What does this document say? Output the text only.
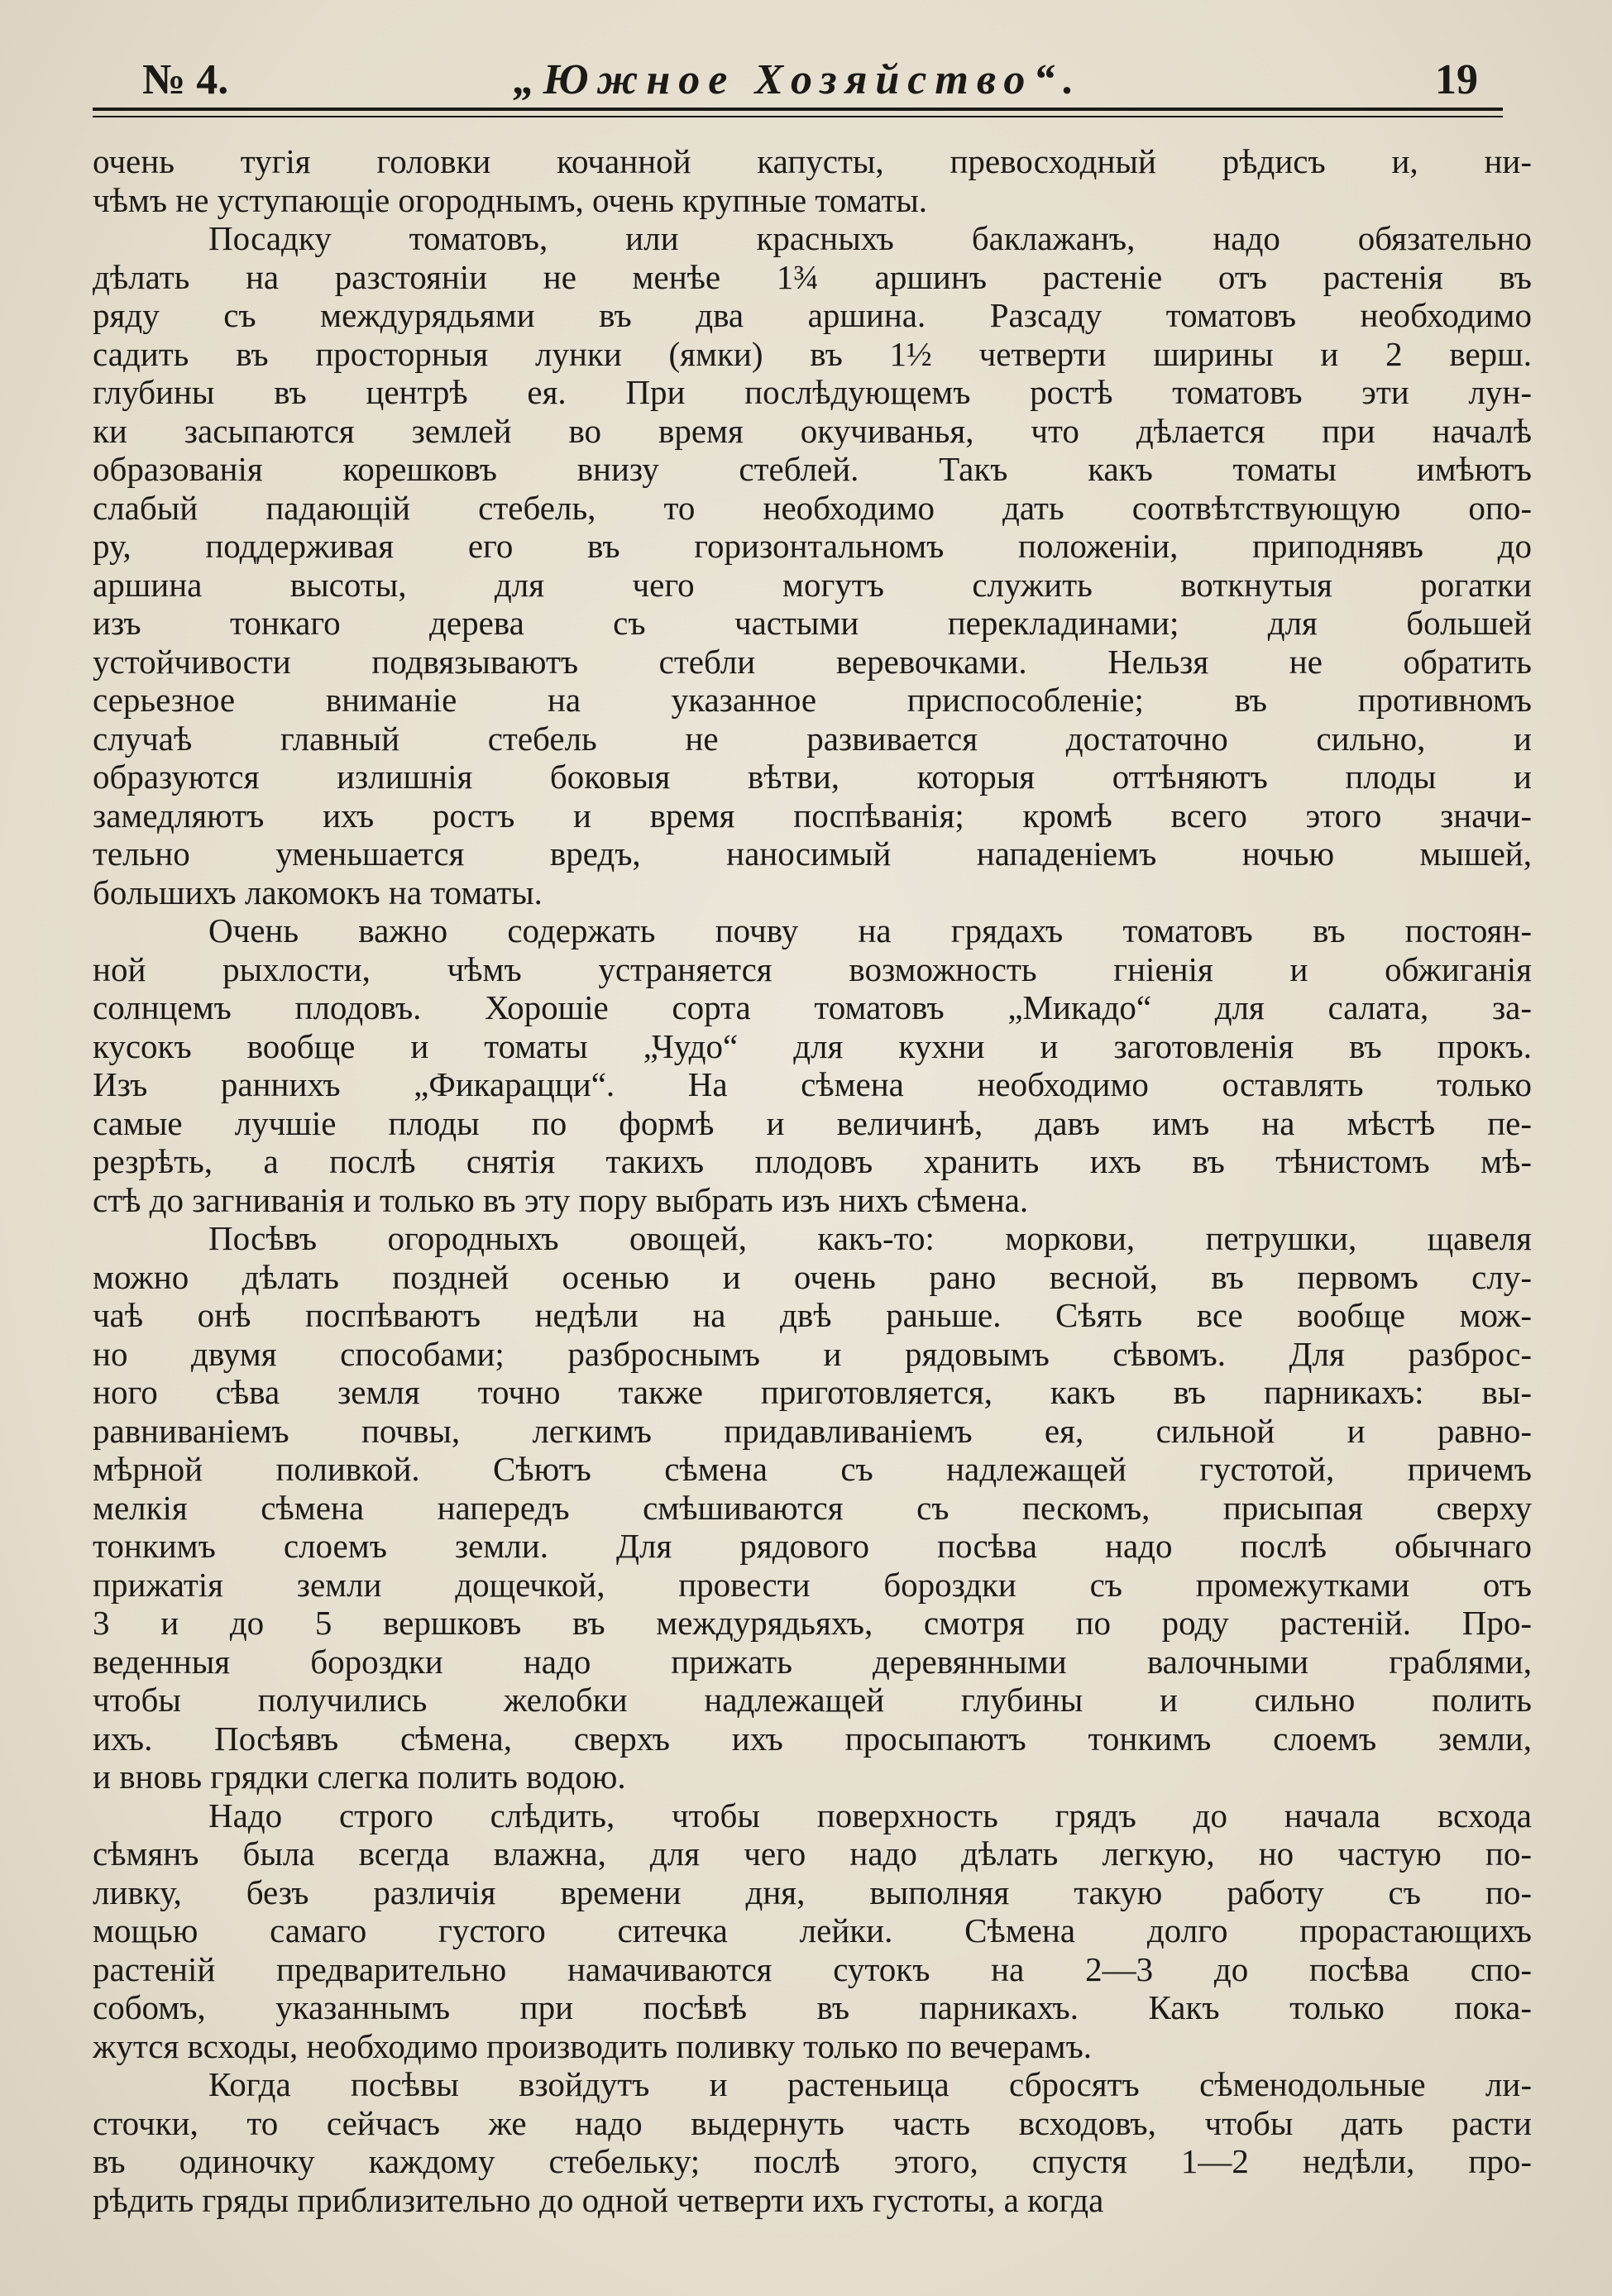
№ 4.	„Южное Хозяйство“.	19
очень тугія головки кочанной капусты, превосходный рѣдисъ и, ни-
чѣмъ не уступающіе огороднымъ, очень крупные томаты.
Посадку томатовъ, или красныхъ баклажанъ, надо обязательно
дѣлать на разстояніи не менѣе 1¾ аршинъ растеніе отъ растенія въ
ряду съ междурядьями въ два аршина. Разсаду томатовъ необходимо
садить въ просторныя лунки (ямки) въ 1½ четверти ширины и 2 верш.
глубины въ центрѣ ея. При послѣдующемъ ростѣ томатовъ эти лун-
ки засыпаются землей во время окучиванья, что дѣлается при началѣ
образованія корешковъ внизу стеблей. Такъ какъ томаты имѣютъ
слабый падающій стебель, то необходимо дать соотвѣтствующую опо-
ру, поддерживая его въ горизонтальномъ положеніи, приподнявъ до
аршина высоты, для чего могутъ служить воткнутыя рогатки
изъ тонкаго дерева съ частыми перекладинами; для большей
устойчивости подвязываютъ стебли веревочками. Нельзя не обратить
серьезное вниманіе на указанное приспособленіе; въ противномъ
случаѣ главный стебель не развивается достаточно сильно, и
образуются излишнія боковыя вѣтви, которыя оттѣняютъ плоды и
замедляютъ ихъ ростъ и время поспѣванія; кромѣ всего этого значи-
тельно уменьшается вредъ, наносимый нападеніемъ ночью мышей,
большихъ лакомокъ на томаты.
Очень важно содержать почву на грядахъ томатовъ въ постоян-
ной рыхлости, чѣмъ устраняется возможность гніенія и обжиганія
солнцемъ плодовъ. Хорошіе сорта томатовъ „Микадо“ для салата, за-
кусокъ вообще и томаты „Чудо“ для кухни и заготовленія въ прокъ.
Изъ раннихъ „Фикарацци“. На сѣмена необходимо оставлять только
самые лучшіе плоды по формѣ и величинѣ, давъ имъ на мѣстѣ пе-
резрѣть, а послѣ снятія такихъ плодовъ хранить ихъ въ тѣнистомъ мѣ-
стѣ до загниванія и только въ эту пору выбрать изъ нихъ сѣмена.
Посѣвъ огородныхъ овощей, какъ-то: моркови, петрушки, щавеля
можно дѣлать поздней осенью и очень рано весной, въ первомъ слу-
чаѣ онѣ поспѣваютъ недѣли на двѣ раньше. Сѣять все вообще мож-
но двумя способами; разброснымъ и рядовымъ сѣвомъ. Для разброс-
ного сѣва земля точно также приготовляется, какъ въ парникахъ: вы-
равниваніемъ почвы, легкимъ придавливаніемъ ея, сильной и равно-
мѣрной поливкой. Сѣютъ сѣмена съ надлежащей густотой, причемъ
мелкія сѣмена напередъ смѣшиваются съ пескомъ, присыпая сверху
тонкимъ слоемъ земли. Для рядового посѣва надо послѣ обычнаго
прижатія земли дощечкой, провести бороздки съ промежутками отъ
3 и до 5 вершковъ въ междурядьяхъ, смотря по роду растеній. Про-
веденныя бороздки надо прижать деревянными валочными граблями,
чтобы получились желобки надлежащей глубины и сильно полить
ихъ. Посѣявъ сѣмена, сверхъ ихъ просыпаютъ тонкимъ слоемъ земли,
и вновь грядки слегка полить водою.
Надо строго слѣдить, чтобы поверхность грядъ до начала всхода
сѣмянъ была всегда влажна, для чего надо дѣлать легкую, но частую по-
ливку, безъ различія времени дня, выполняя такую работу съ по-
мощью самаго густого ситечка лейки. Сѣмена долго прорастающихъ
растеній предварительно намачиваются сутокъ на 2—3 до посѣва спо-
собомъ, указаннымъ при посѣвѣ въ парникахъ. Какъ только пока-
жутся всходы, необходимо производить поливку только по вечерамъ.
Когда посѣвы взойдутъ и растеньица сбросятъ сѣменодольные ли-
сточки, то сейчасъ же надо выдернуть часть всходовъ, чтобы дать расти
въ одиночку каждому стебельку; послѣ этого, спустя 1—2 недѣли, про-
рѣдить гряды приблизительно до одной четверти ихъ густоты, а когда
